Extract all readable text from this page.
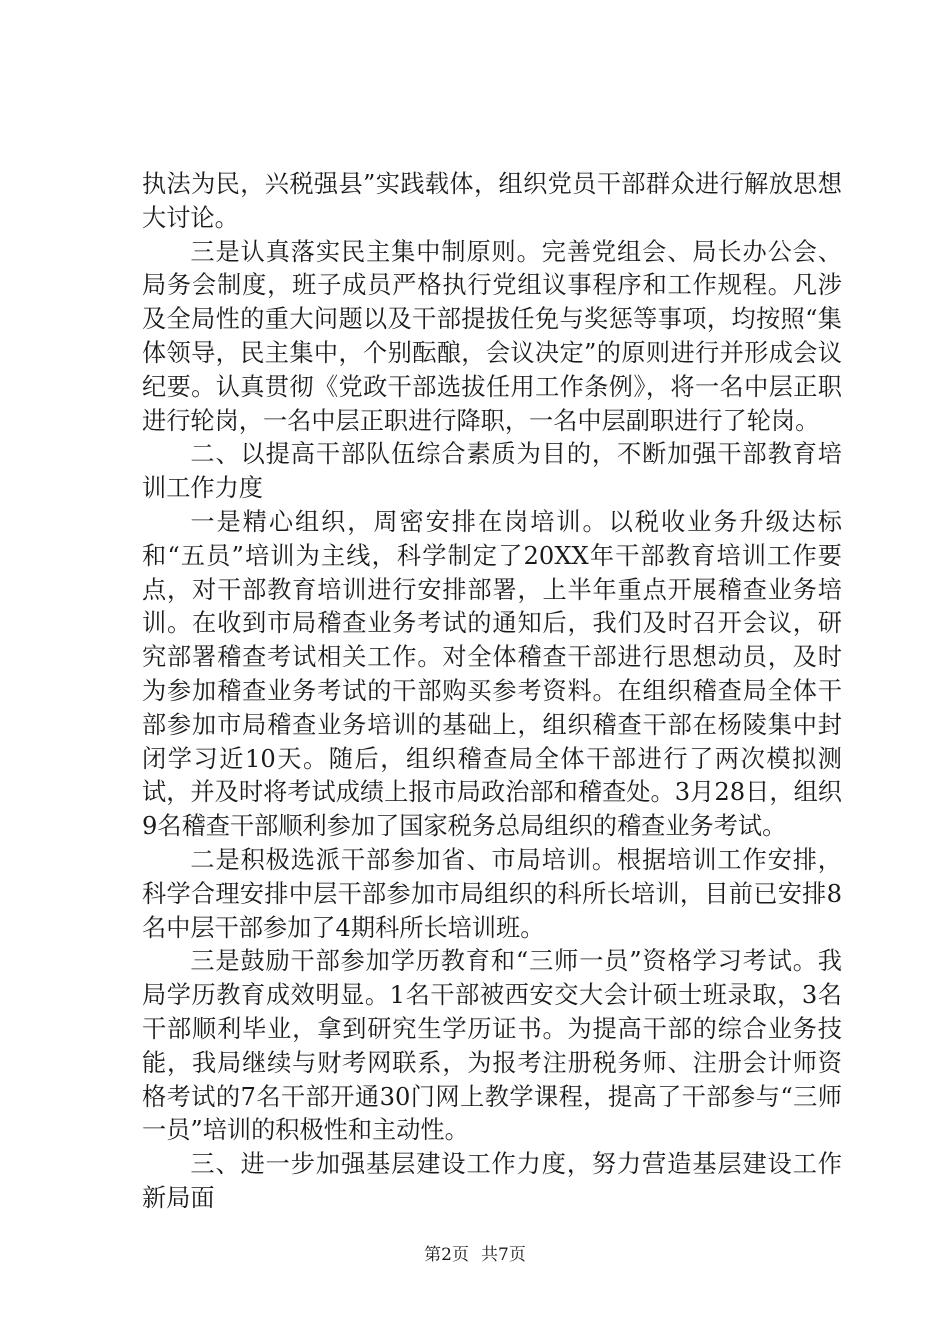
执法为民，兴税强县”实践载体，组织党员干部群众进行解放思想大讨论。

三是认真落实民主集中制原则。完善党组会、局长办公会、局务会制度，班子成员严格执行党组议事程序和工作规程。凡涉及全局性的重大问题以及干部提拔任免与奖惩等事项，均按照“集体领导，民主集中，个别酝酿，会议决定”的原则进行并形成会议纪要。认真贯彻《党政干部选拔任用工作条例》，将一名中层正职进行轮岗，一名中层正职进行降职，一名中层副职进行了轮岗。

二、以提高干部队伍综合素质为目的，不断加强干部教育培训工作力度

一是精心组织，周密安排在岗培训。以税收业务升级达标和“五员”培训为主线，科学制定了20XX年干部教育培训工作要点，对干部教育培训进行安排部署，上半年重点开展稽查业务培训。在收到市局稽查业务考试的通知后，我们及时召开会议，研究部署稽查考试相关工作。对全体稽查干部进行思想动员，及时为参加稽查业务考试的干部购买参考资料。在组织稽查局全体干部参加市局稽查业务培训的基础上，组织稽查干部在杨陵集中封闭学习近10天。随后，组织稽查局全体干部进行了两次模拟测试，并及时将考试成绩上报市局政治部和稽查处。3月28日，组织9名稽查干部顺利参加了国家税务总局组织的稽查业务考试。

二是积极选派干部参加省、市局培训。根据培训工作安排，科学合理安排中层干部参加市局组织的科所长培训，目前已安排8名中层干部参加了4期科所长培训班。

三是鼓励干部参加学历教育和“三师一员”资格学习考试。我局学历教育成效明显。1名干部被西安交大会计硕士班录取，3名干部顺利毕业，拿到研究生学历证书。为提高干部的综合业务技能，我局继续与财考网联系，为报考注册税务师、注册会计师资格考试的7名干部开通30门网上教学课程，提高了干部参与“三师一员”培训的积极性和主动性。

三、进一步加强基层建设工作力度，努力营造基层建设工作新局面

第2页 共7页
